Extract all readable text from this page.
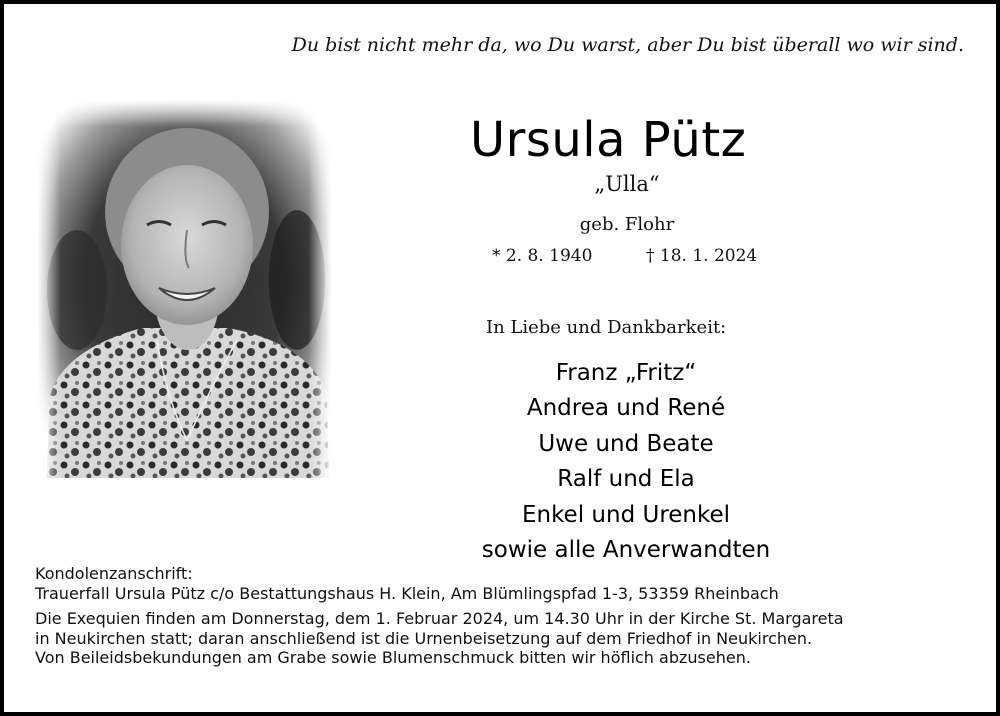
Du bist nicht mehr da, wo Du warst, aber Du bist überall wo wir sind.
Ursula Pütz
„Ulla“
geb. Flohr
* 2. 8. 1940	† 18. 1. 2024
In Liebe und Dankbarkeit:
Franz „Fritz“
Andrea und René
Uwe und Beate
Ralf und Ela
Enkel und Urenkel
sowie alle Anverwandten
Kondolenzanschrift:
Trauerfall Ursula Pütz c/o Bestattungshaus H. Klein, Am Blümlingspfad 1-3, 53359 Rheinbach
Die Exequien finden am Donnerstag, dem 1. Februar 2024, um 14.30 Uhr in der Kirche St. Margareta
in Neukirchen statt; daran anschließend ist die Urnenbeisetzung auf dem Friedhof in Neukirchen.
Von Beileidsbekundungen am Grabe sowie Blumenschmuck bitten wir höflich abzusehen.
